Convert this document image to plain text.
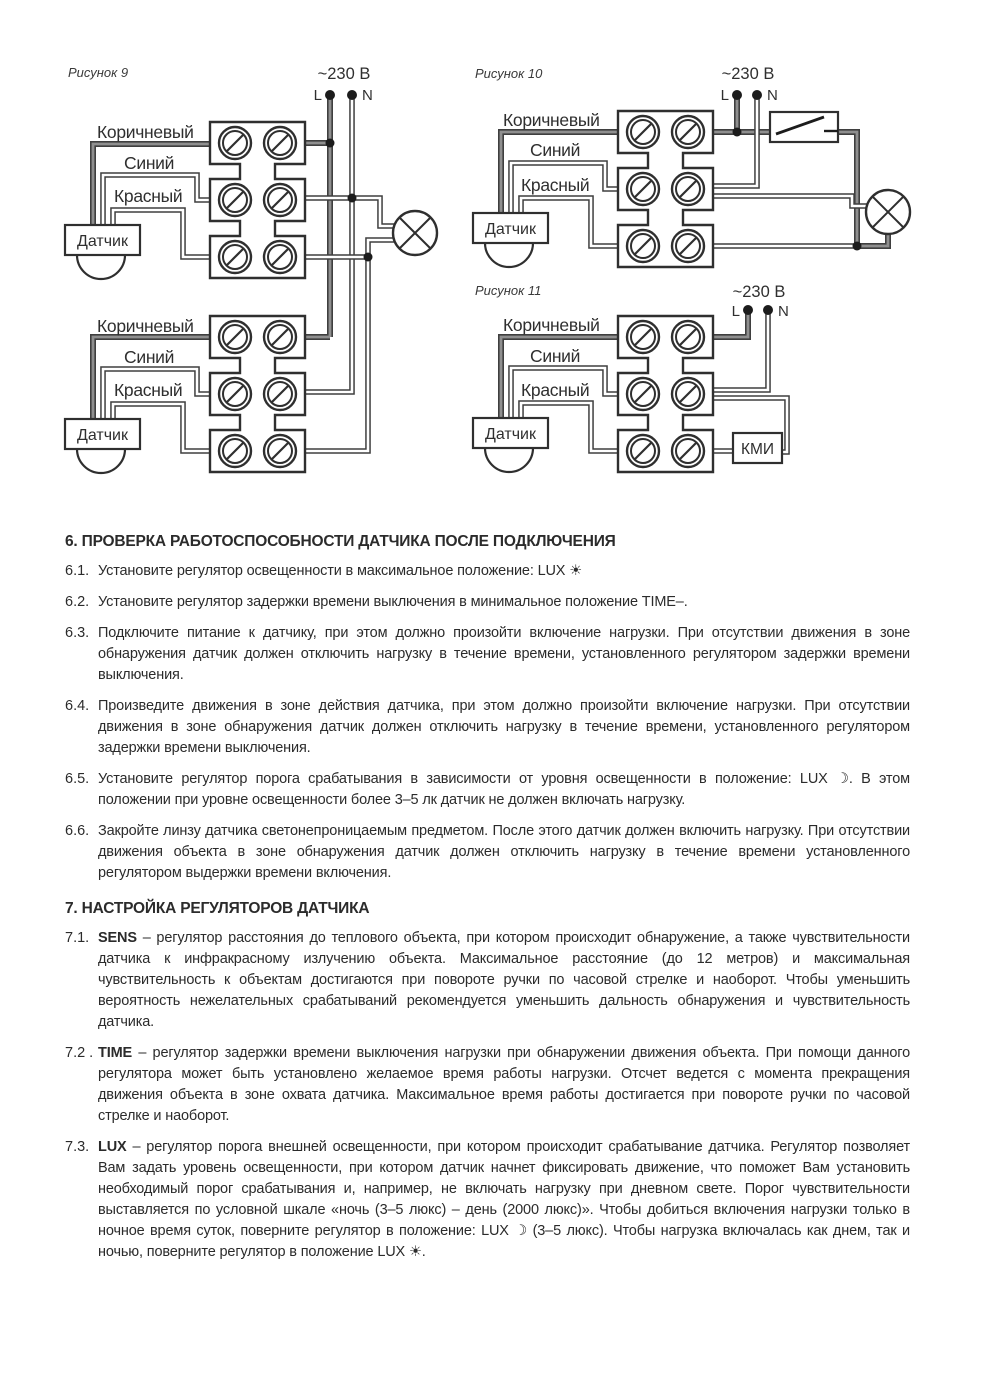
Датчик
Рисунок 9	~230 В
L	N
Коричневый
Синий
Красный
Коричневый
Синий
Красный
Рисунок 10	~230 В
L	N
Коричневый
Синий
Красный
КМИ
Рисунок 11	~230 В
L	N
Коричневый
Синий
Красный
6. ПРОВЕРКА РАБОТОСПОСОБНОСТИ ДАТЧИКА ПОСЛЕ ПОДКЛЮЧЕНИЯ
6.1. Установите регулятор освещенности в максимальное положение: LUX ☀

6.2. Установите регулятор задержки времени выключения в минимальное положение TIME–.

6.3. Подключите питание к датчику, при этом должно произойти включение нагрузки. При отсутствии движения в зоне обнаружения датчик должен отключить нагрузку в течение времени, установленного регулятором задержки времени выключения.

6.4. Произведите движения в зоне действия датчика, при этом должно произойти включение нагрузки. При отсутствии движения в зоне обнаружения датчик должен отключить нагрузку в течение времени, установленного регулятором задержки времени выключения.

6.5. Установите регулятор порога срабатывания в зависимости от уровня освещенности в положение: LUX ☽. В этом положении при уровне освещенности более 3–5 лк датчик не должен включать нагрузку.

6.6. Закройте линзу датчика светонепроницаемым предметом. После этого датчик должен включить нагрузку. При отсутствии движения объекта в зоне обнаружения датчик должен отключить нагрузку в течение времени установленного регулятором выдержки времени включения.

7. НАСТРОЙКА РЕГУЛЯТОРОВ ДАТЧИКА
7.1. SENS – регулятор расстояния до теплового объекта, при котором происходит обнаружение, а также чувствительности датчика к инфракрасному излучению объекта. Максимальное расстояние (до 12 метров) и максимальная чувствительность к объектам достигаются при повороте ручки по часовой стрелке и наоборот. Чтобы уменьшить вероятность нежелательных срабатываний рекомендуется уменьшить дальность обнаружения и чувствительность датчика.

7.2 . TIME – регулятор задержки времени выключения нагрузки при обнаружении движения объекта. При помощи данного регулятора может быть установлено желаемое время работы нагрузки. Отсчет ведется с момента прекращения движения объекта в зоне охвата датчика. Максимальное время работы достигается при повороте ручки по часовой стрелке и наоборот.

7.3. LUX – регулятор порога внешней освещенности, при котором происходит срабатывание датчика. Регулятор позволяет Вам задать уровень освещенности, при котором датчик начнет фиксировать движение, что поможет Вам установить необходимый порог срабатывания и, например, не включать нагрузку при дневном свете. Порог чувствительности выставляется по условной шкале «ночь (3–5 люкс) – день (2000 люкс)». Чтобы добиться включения нагрузки только в ночное время суток, поверните регулятор в положение: LUX ☽ (3–5 люкс). Чтобы нагрузка включалась как днем, так и ночью, поверните регулятор в положение LUX ☀.
